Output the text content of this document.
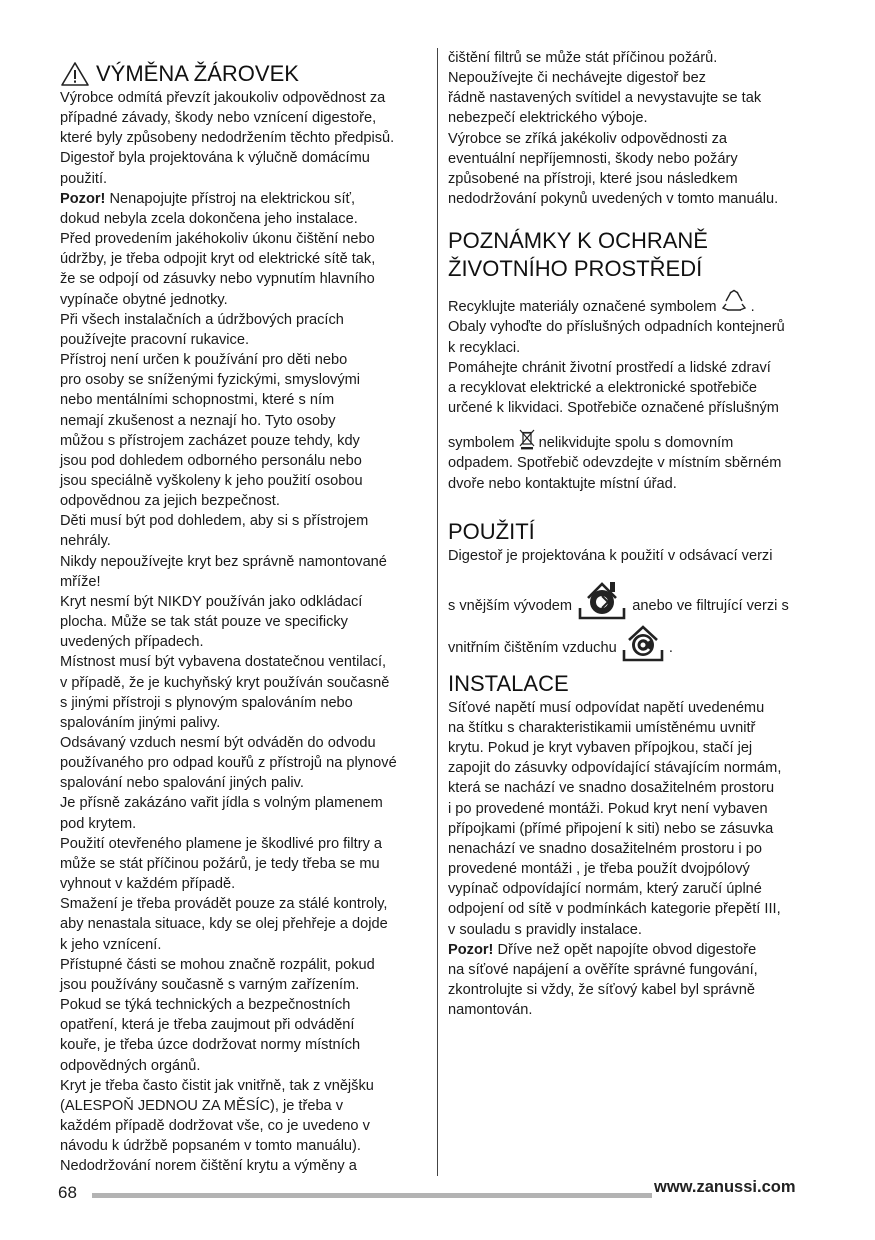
VÝMĚNA ŽÁROVEK
Výrobce odmítá převzít jakoukoliv odpovědnost za
případné závady, škody nebo vznícení digestoře,
které byly způsobeny nedodržením těchto předpisů.
Digestoř byla projektována k výlučně domácímu
použití.
Pozor! Nenapojujte přístroj na elektrickou síť,
dokud nebyla zcela dokončena jeho instalace.
Před provedením jakéhokoliv úkonu čištění nebo
údržby, je třeba odpojit kryt od elektrické sítě tak,
že se odpojí od zásuvky nebo vypnutím hlavního
vypínače obytné jednotky.
Při všech instalačních a údržbových pracích
používejte pracovní rukavice.
Přístroj není určen k používání pro děti nebo
pro osoby se sníženými fyzickými, smyslovými
nebo mentálními schopnostmi, které s ním
nemají zkušenost a neznají ho. Tyto osoby
můžou s přístrojem zacházet pouze tehdy, kdy
jsou pod dohledem odborného personálu nebo
jsou speciálně vyškoleny k jeho použití osobou
odpovědnou za jejich bezpečnost.
Děti musí být pod dohledem, aby si s přístrojem
nehrály.
Nikdy nepoužívejte kryt bez správně namontované
mříže!
Kryt nesmí být NIKDY používán jako odkládací
plocha. Může se tak stát pouze ve specificky
uvedených případech.
Místnost musí být vybavena dostatečnou ventilací,
v případě, že je kuchyňský kryt používán současně
s jinými přístroji s plynovým spalováním nebo
spalováním jinými palivy.
Odsávaný vzduch nesmí být odváděn do odvodu
používaného pro odpad kouřů z přístrojů na plynové
spalování nebo spalování jiných paliv.
Je přísně zakázáno vařit jídla s volným plamenem
pod krytem.
Použití otevřeného plamene je škodlivé pro filtry a
může se stát příčinou požárů, je tedy třeba se mu
vyhnout v každém případě.
Smažení je třeba provádět pouze za stálé kontroly,
aby nenastala situace, kdy se olej přehřeje a dojde
k jeho vznícení.
Přístupné části se mohou značně rozpálit, pokud
jsou používány současně s varným zařízením.
Pokud se týká technických a bezpečnostních
opatření, která je třeba zaujmout při odvádění
kouře, je třeba úzce dodržovat normy místních
odpovědných orgánů.
Kryt je třeba často čistit jak vnitřně, tak z vnějšku
(ALESPOŇ JEDNOU ZA MĚSÍC), je třeba v
každém případě dodržovat vše, co je uvedeno v
návodu k údržbě popsaném v tomto manuálu).
Nedodržování norem čištění krytu a výměny a
čištění filtrů se může stát příčinou požárů.
Nepoužívejte či nechávejte digestoř bez
řádně nastavených svítidel a nevystavujte se tak
nebezpečí elektrického výboje.
Výrobce se zříká jakékoliv odpovědnosti za
eventuální nepříjemnosti, škody nebo požáry
způsobené na přístroji, které jsou následkem
nedodržování pokynů uvedených v tomto manuálu.
POZNÁMKY K OCHRANĚ
ŽIVOTNÍHO PROSTŘEDÍ
Recyklujte materiály označené symbolem .
Obaly vyhoďte do příslušných odpadních kontejnerů
k recyklaci.
Pomáhejte chránit životní prostředí a lidské zdraví
a recyklovat elektrické a elektronické spotřebiče
určené k likvidaci. Spotřebiče označené příslušným
symbolem nelikvidujte spolu s domovním
odpadem. Spotřebič odevzdejte v místním sběrném
dvoře nebo kontaktujte místní úřad.
POUŽITÍ
Digestoř je projektována k použití v odsávací verzi
s vnějším vývodem	anebo ve filtrující verzi s
vnitřním čištěním vzduchu	.
INSTALACE
Síťové napětí musí odpovídat napětí uvedenému
na štítku s charakteristikamii umístěnému uvnitř
krytu. Pokud je kryt vybaven přípojkou, stačí jej
zapojit do zásuvky odpovídající stávajícím normám,
která se nachází ve snadno dosažitelném prostoru
i po provedené montáži. Pokud kryt není vybaven
přípojkami (přímé připojení k siti) nebo se zásuvka
nenachází ve snadno dosažitelném prostoru i po
provedené montáži , je třeba použít dvojpólový
vypínač odpovídající normám, který zaručí úplné
odpojení od sítě v podmínkách kategorie přepětí III,
v souladu s pravidly instalace.
Pozor! Dříve než opět napojíte obvod digestoře
na síťové napájení a ověříte správné fungování,
zkontrolujte si vždy, že síťový kabel byl správně
namontován.
68	www.zanussi.com
